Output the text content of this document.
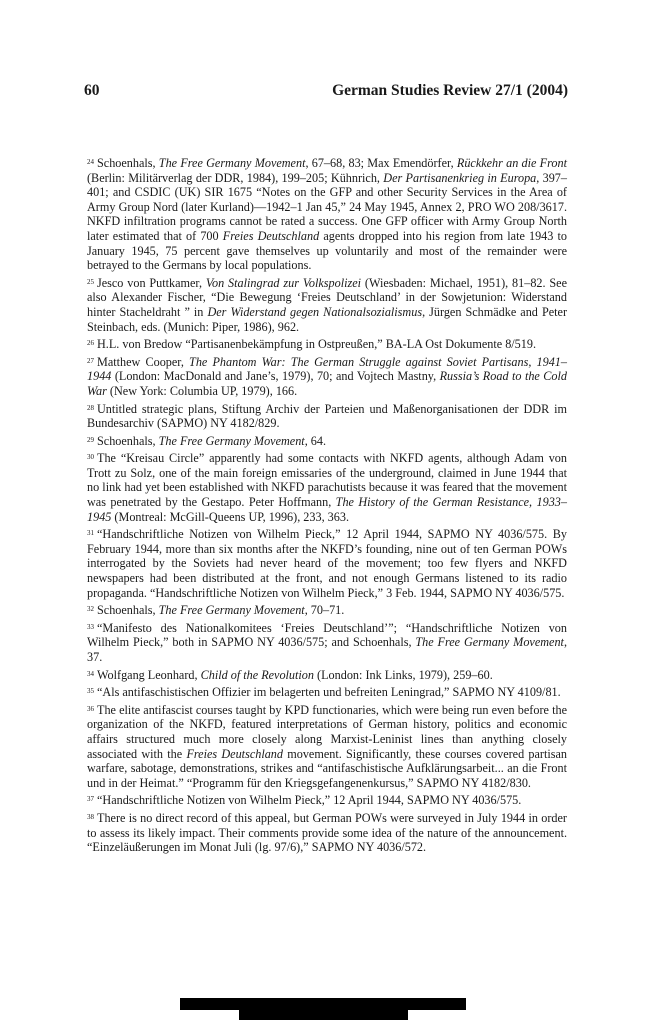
60	German Studies Review 27/1 (2004)

$^{24}$ Schoenhals, The Free Germany Movement, 67–68, 83; Max Emendörfer, Rückkehr an die Front (Berlin: Militärverlag der DDR, 1984), 199–205; Kühnrich, Der Partisanenkrieg in Europa, 397–401; and CSDIC (UK) SIR 1675 “Notes on the GFP and other Security Services in the Area of Army Group Nord (later Kurland)—1942–1 Jan 45,” 24 May 1945, Annex 2, PRO WO 208/3617. NKFD infiltration programs cannot be rated a success. One GFP officer with Army Group North later estimated that of 700 Freies Deutschland agents dropped into his region from late 1943 to January 1945, 75 percent gave themselves up voluntarily and most of the remainder were betrayed to the Germans by local populations.

$^{25}$ Jesco von Puttkamer, Von Stalingrad zur Volkspolizei (Wiesbaden: Michael, 1951), 81–82. See also Alexander Fischer, “Die Bewegung ‘Freies Deutschland’ in der Sowjetunion: Widerstand hinter Stacheldraht ” in Der Widerstand gegen Nationalsozialismus, Jürgen Schmädke and Peter Steinbach, eds. (Munich: Piper, 1986), 962.

$^{26}$ H.L. von Bredow “Partisanenbekämpfung in Ostpreußen,” BA-LA Ost Dokumente 8/519.

$^{27}$ Matthew Cooper, The Phantom War: The German Struggle against Soviet Partisans, 1941–1944 (London: MacDonald and Jane’s, 1979), 70; and Vojtech Mastny, Russia’s Road to the Cold War (New York: Columbia UP, 1979), 166.

$^{28}$ Untitled strategic plans, Stiftung Archiv der Parteien und Maßenorganisationen der DDR im Bundesarchiv (SAPMO) NY 4182/829.

$^{29}$ Schoenhals, The Free Germany Movement, 64.

$^{30}$ The “Kreisau Circle” apparently had some contacts with NKFD agents, although Adam von Trott zu Solz, one of the main foreign emissaries of the underground, claimed in June 1944 that no link had yet been established with NKFD parachutists because it was feared that the movement was penetrated by the Gestapo. Peter Hoffmann, The History of the German Resistance, 1933–1945 (Montreal: McGill-Queens UP, 1996), 233, 363.

$^{31}$ “Handschriftliche Notizen von Wilhelm Pieck,” 12 April 1944, SAPMO NY 4036/575. By February 1944, more than six months after the NKFD’s founding, nine out of ten German POWs interrogated by the Soviets had never heard of the movement; too few flyers and NKFD newspapers had been distributed at the front, and not enough Germans listened to its radio propaganda. “Handschriftliche Notizen von Wilhelm Pieck,” 3 Feb. 1944, SAPMO NY 4036/575.

$^{32}$ Schoenhals, The Free Germany Movement, 70–71.

$^{33}$ “Manifesto des Nationalkomitees ‘Freies Deutschland’”; “Handschriftliche Notizen von Wilhelm Pieck,” both in SAPMO NY 4036/575; and Schoenhals, The Free Germany Movement, 37.

$^{34}$ Wolfgang Leonhard, Child of the Revolution (London: Ink Links, 1979), 259–60.

$^{35}$ “Als antifaschistischen Offizier im belagerten und befreiten Leningrad,” SAPMO NY 4109/81.

$^{36}$ The elite antifascist courses taught by KPD functionaries, which were being run even before the organization of the NKFD, featured interpretations of German history, politics and economic affairs structured much more closely along Marxist-Leninist lines than anything closely associated with the Freies Deutschland movement. Significantly, these courses covered partisan warfare, sabotage, demonstrations, strikes and “antifaschistische Aufklärungsarbeit... an die Front und in der Heimat.” “Programm für den Kriegsgefangenenkursus,” SAPMO NY 4182/830.

$^{37}$ “Handschriftliche Notizen von Wilhelm Pieck,” 12 April 1944, SAPMO NY 4036/575.

$^{38}$ There is no direct record of this appeal, but German POWs were surveyed in July 1944 in order to assess its likely impact. Their comments provide some idea of the nature of the announcement. “Einzeläußerungen im Monat Juli (lg. 97/6),” SAPMO NY 4036/572.
